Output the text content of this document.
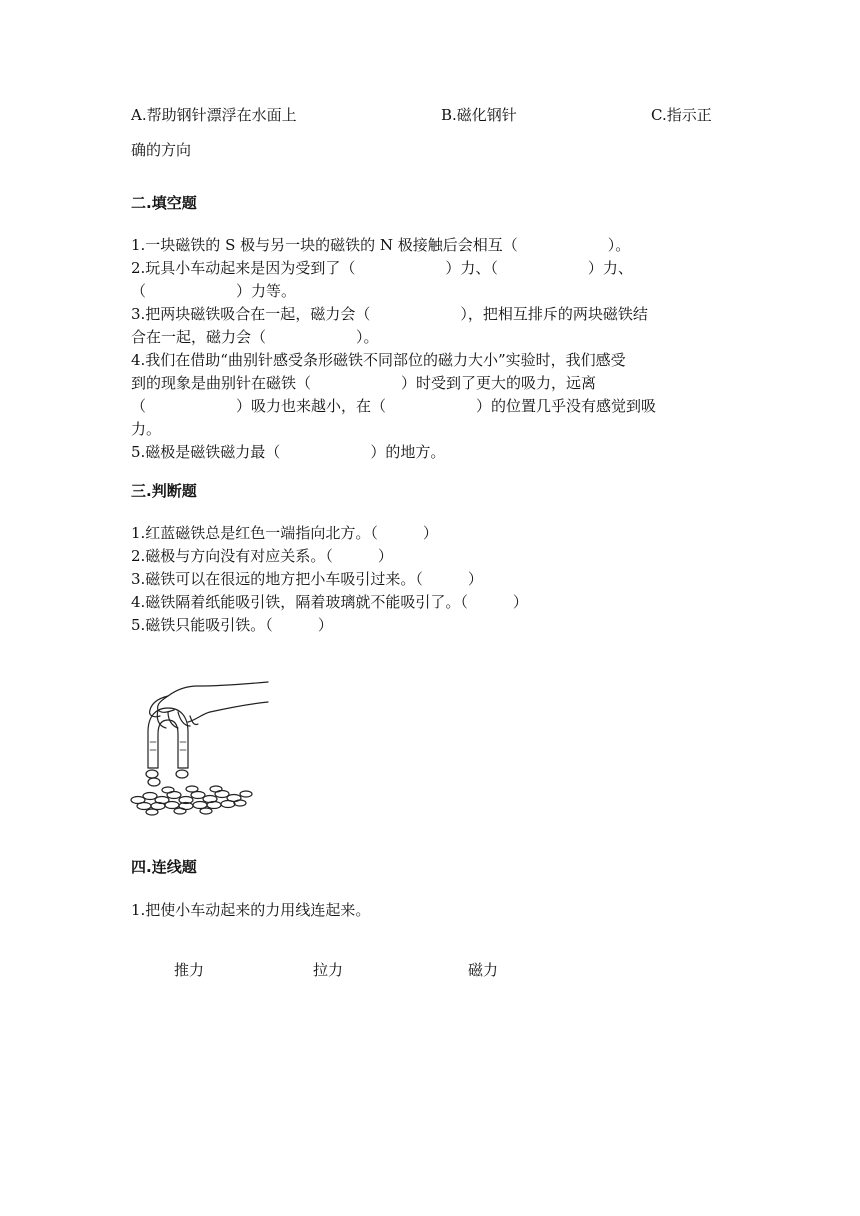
A.帮助钢针漂浮在水面上	B.磁化钢针	C.指示正
确的方向
二.填空题
1.一块磁铁的 S 极与另一块的磁铁的 N 极接触后会相互（　　　　　　）。
2.玩具小车动起来是因为受到了（　　　　　　）力、（　　　　　　）力、
（　　　　　　）力等。
3.把两块磁铁吸合在一起，磁力会（　　　　　　），把相互排斥的两块磁铁结
合在一起，磁力会（　　　　　　）。
4.我们在借助“曲别针感受条形磁铁不同部位的磁力大小”实验时，我们感受
到的现象是曲别针在磁铁（　　　　　　）时受到了更大的吸力，远离
（　　　　　　）吸力也来越小，在（　　　　　　）的位置几乎没有感觉到吸
力。
5.磁极是磁铁磁力最（　　　　　　）的地方。
三.判断题
1.红蓝磁铁总是红色一端指向北方。（　　　）
2.磁极与方向没有对应关系。（　　　）
3.磁铁可以在很远的地方把小车吸引过来。（　　　）
4.磁铁隔着纸能吸引铁，隔着玻璃就不能吸引了。（　　　）
5.磁铁只能吸引铁。（　　　）
四.连线题
1.把使小车动起来的力用线连起来。
推力	拉力	磁力
